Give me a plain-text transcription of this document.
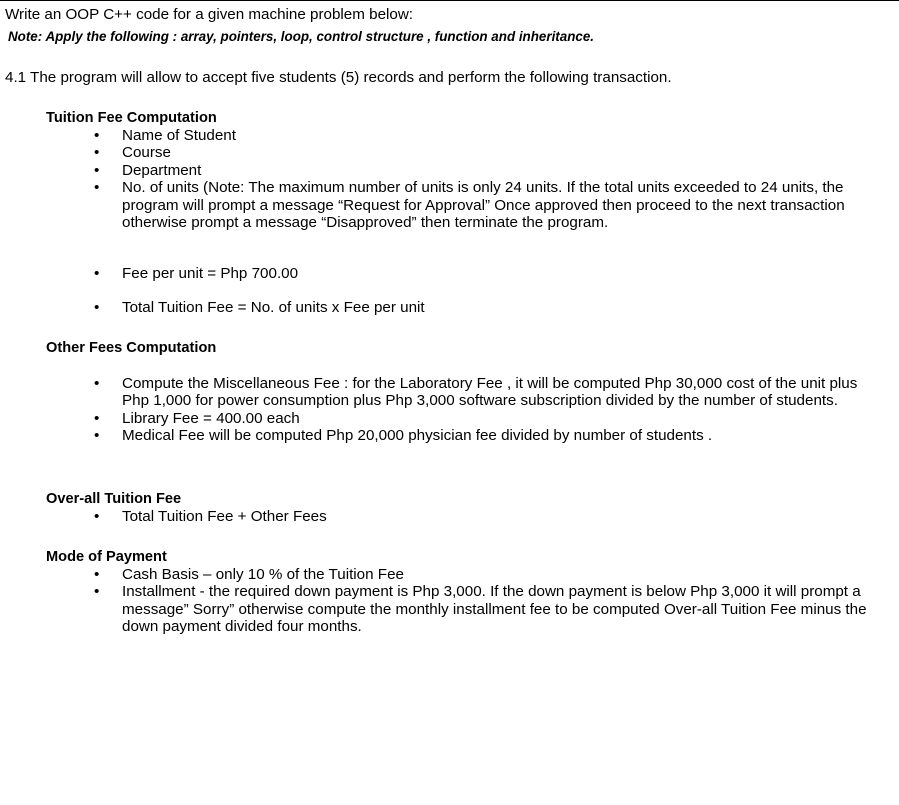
Write an OOP C++ code for a given machine problem below:
Note: Apply the following : array, pointers, loop, control structure , function and inheritance.
4.1 The program will allow to accept five students (5) records and perform the following transaction.
Tuition Fee Computation
• Name of Student
• Course
• Department
• No. of units (Note: The maximum number of units is only 24 units. If the total units exceeded to 24 units, the program will prompt a message “Request for Approval” Once approved then proceed to the next transaction otherwise prompt a message “Disapproved” then terminate the program.
• Fee per unit = Php 700.00
• Total Tuition Fee = No. of units x Fee per unit
Other Fees Computation
• Compute the Miscellaneous Fee : for the Laboratory Fee , it will be computed Php 30,000 cost of the unit plus Php 1,000 for power consumption plus Php 3,000 software subscription divided by the number of students.
• Library Fee = 400.00 each
• Medical Fee will be computed Php 20,000 physician fee divided by number of students .
Over-all Tuition Fee
• Total Tuition Fee + Other Fees
Mode of Payment
• Cash Basis – only 10 % of the Tuition Fee
• Installment - the required down payment is Php 3,000. If the down payment is below Php 3,000 it will prompt a message” Sorry” otherwise compute the monthly installment fee to be computed Over-all Tuition Fee minus the down payment divided four months.
